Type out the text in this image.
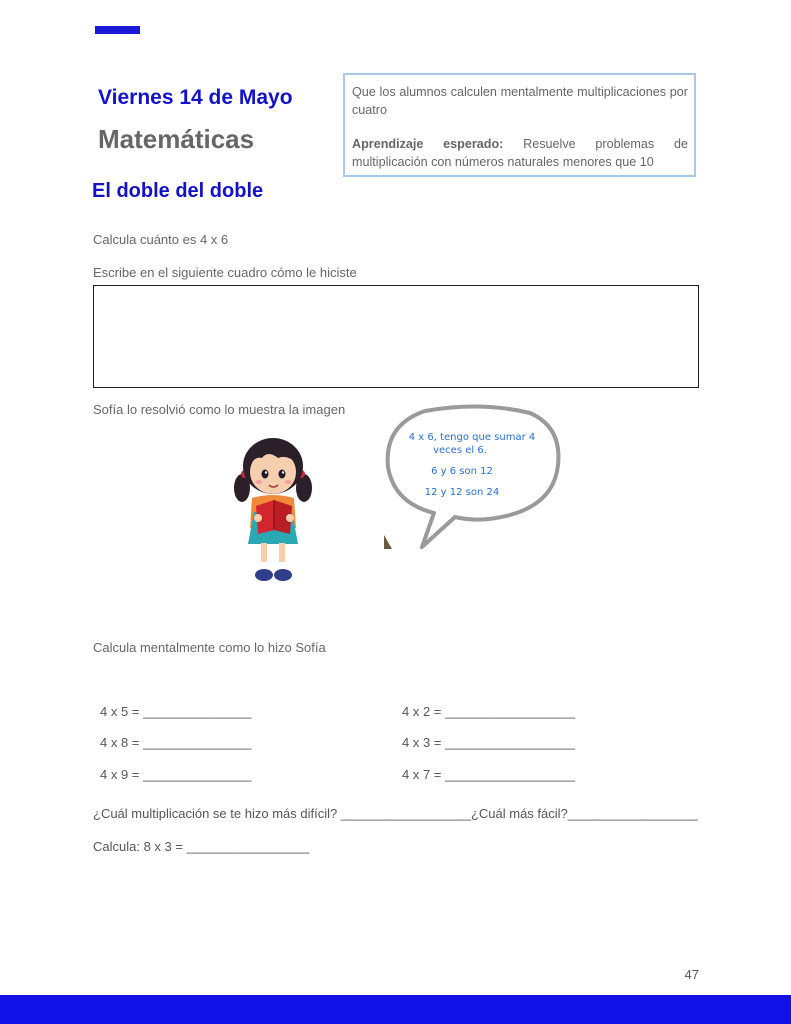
Viernes 14 de Mayo
Matemáticas

Que los alumnos calculen mentalmente multiplicaciones por cuatro

Aprendizaje esperado: Resuelve problemas de multiplicación con números naturales menores que 10

El doble del doble
Calcula cuánto es 4 x 6
Escribe en el siguiente cuadro cómo le hiciste
Sofía lo resolvió como lo muestra la imagen
4 x 6, tengo que sumar 4
veces el 6.
6 y 6 son 12
12 y 12 son 24
Calcula mentalmente como lo hizo Sofía
4 x 5 = _______________
4 x 8 = _______________
4 x 9 = _______________
4 x 2 = __________________
4 x 3 = __________________
4 x 7 = __________________
¿Cuál multiplicación se te hizo más difícil? __________________¿Cuál más fácil?__________________
Calcula: 8 x 3 = _________________
47
